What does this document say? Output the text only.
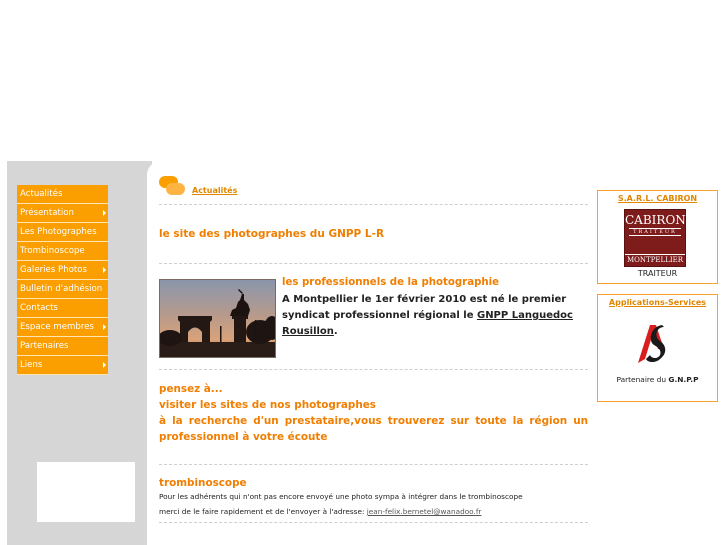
Actualités
Présentation
Les Photographes
Trombinoscope
Galeries Photos
Bulletin d'adhésion
Contacts
Espace membres
Partenaires
Liens
Actualités
le site des photographes du GNPP L-R
les professionnels de la photographie
A Montpellier le 1er février 2010 est né le premier syndicat professionnel régional le GNPP Languedoc Rousillon.
pensez à...
visiter les sites de nos photographes
à la recherche d'un prestataire,vous trouverez sur toute la région un professionnel à votre écoute
trombinoscope
Pour les adhérents qui n'ont pas encore envoyé une photo sympa à intégrer dans le trombinoscope
merci de le faire rapidement et de l'envoyer à l'adresse: jean-felix.bernetel@wanadoo.fr
S.A.R.L. CABIRON
CABIRON
TRAITEUR
MONTPELLIER
TRAITEUR
Applications-Services
Partenaire du G.N.P.P
